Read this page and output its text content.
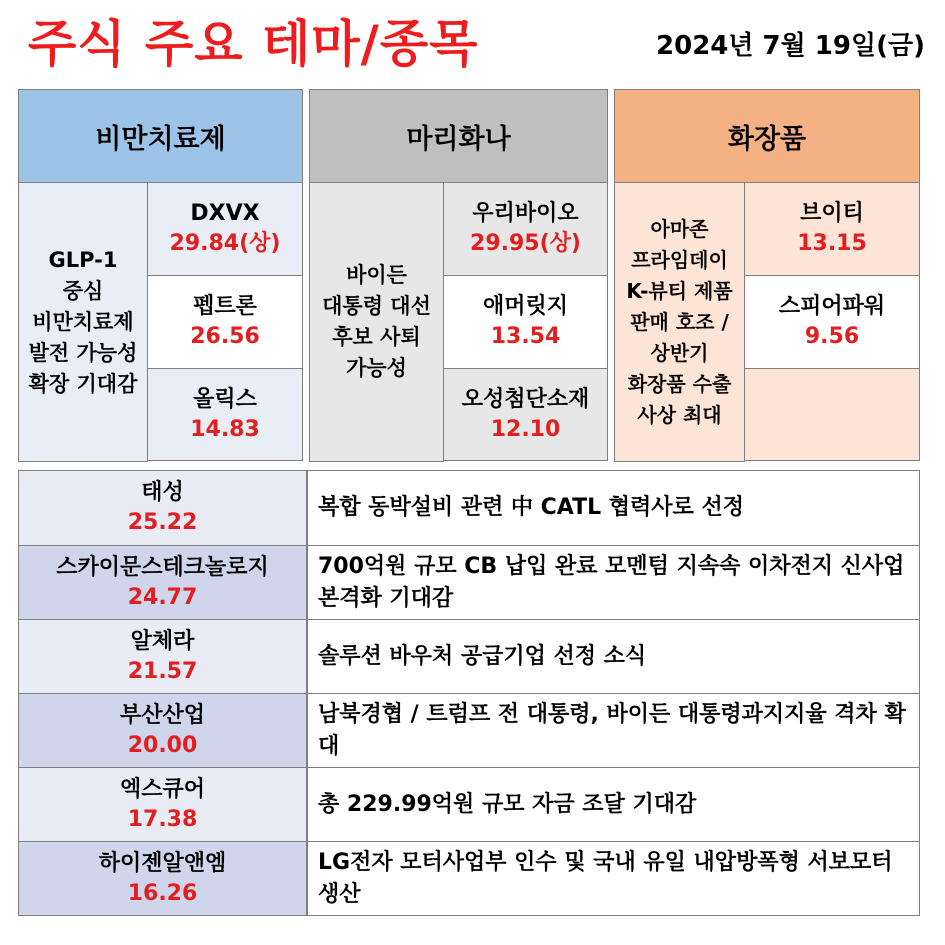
주식 주요 테마/종목	2024년 7월 19일(금)
비만치료제
GLP-1 중심 비만치료제 발전 가능성 확장 기대감
DXVX
29.84(상)
펩트론
26.56
올릭스
14.83
마리화나
바이든 대통령 대선 후보 사퇴 가능성
우리바이오
29.95(상)
애머릿지
13.54
오성첨단소재
12.10
화장품
아마존 프라임데이 K-뷰티 제품 판매 호조 / 상반기 화장품 수출 사상 최대
브이티
13.15
스피어파워
9.56
태성
25.22
복합 동박설비 관련 中 CATL 협력사로 선정
스카이문스테크놀로지
24.77
700억원 규모 CB 납입 완료 모멘텀 지속속 이차전지 신사업 본격화 기대감
알체라
21.57
솔루션 바우처 공급기업 선정 소식
부산산업
20.00
남북경협 / 트럼프 전 대통령, 바이든 대통령과지지율 격차 확대
엑스큐어
17.38
총 229.99억원 규모 자금 조달 기대감
하이젠알앤엠
16.26
LG전자 모터사업부 인수 및 국내 유일 내압방폭형 서보모터 생산
